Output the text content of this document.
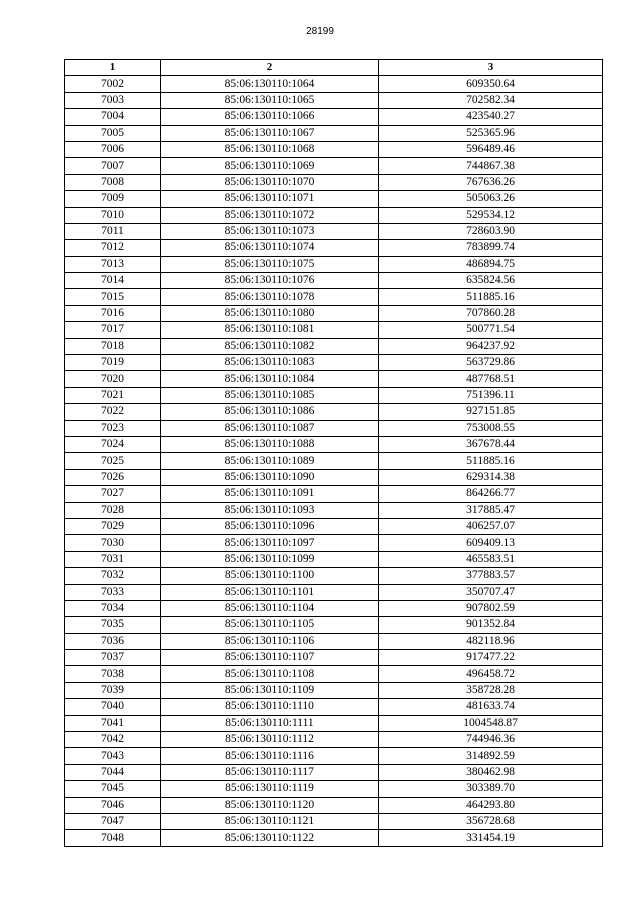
28199
1	2	3
7002	85:06:130110:1064	609350.64
7003	85:06:130110:1065	702582.34
7004	85:06:130110:1066	423540.27
7005	85:06:130110:1067	525365.96
7006	85:06:130110:1068	596489.46
7007	85:06:130110:1069	744867.38
7008	85:06:130110:1070	767636.26
7009	85:06:130110:1071	505063.26
7010	85:06:130110:1072	529534.12
7011	85:06:130110:1073	728603.90
7012	85:06:130110:1074	783899.74
7013	85:06:130110:1075	486894.75
7014	85:06:130110:1076	635824.56
7015	85:06:130110:1078	511885.16
7016	85:06:130110:1080	707860.28
7017	85:06:130110:1081	500771.54
7018	85:06:130110:1082	964237.92
7019	85:06:130110:1083	563729.86
7020	85:06:130110:1084	487768.51
7021	85:06:130110:1085	751396.11
7022	85:06:130110:1086	927151.85
7023	85:06:130110:1087	753008.55
7024	85:06:130110:1088	367678.44
7025	85:06:130110:1089	511885.16
7026	85:06:130110:1090	629314.38
7027	85:06:130110:1091	864266.77
7028	85:06:130110:1093	317885.47
7029	85:06:130110:1096	406257.07
7030	85:06:130110:1097	609409.13
7031	85:06:130110:1099	465583.51
7032	85:06:130110:1100	377883.57
7033	85:06:130110:1101	350707.47
7034	85:06:130110:1104	907802.59
7035	85:06:130110:1105	901352.84
7036	85:06:130110:1106	482118.96
7037	85:06:130110:1107	917477.22
7038	85:06:130110:1108	496458.72
7039	85:06:130110:1109	358728.28
7040	85:06:130110:1110	481633.74
7041	85:06:130110:1111	1004548.87
7042	85:06:130110:1112	744946.36
7043	85:06:130110:1116	314892.59
7044	85:06:130110:1117	380462.98
7045	85:06:130110:1119	303389.70
7046	85:06:130110:1120	464293.80
7047	85:06:130110:1121	356728.68
7048	85:06:130110:1122	331454.19
